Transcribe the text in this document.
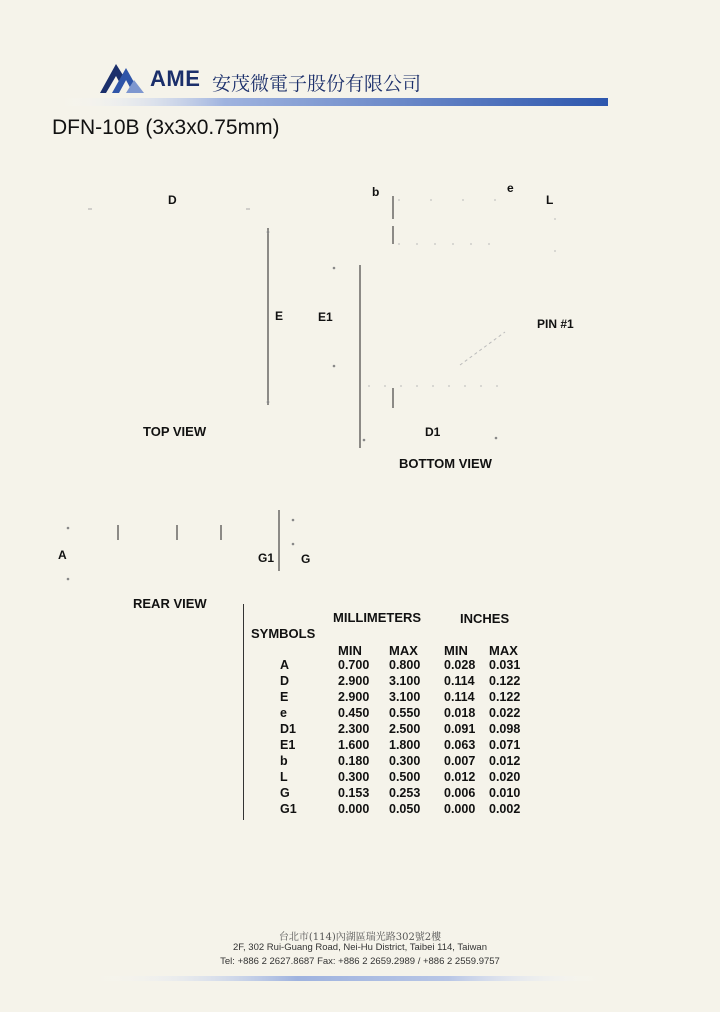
AME 安茂微電子股份有限公司
DFN-10B (3x3x0.75mm)
D
E
TOP VIEW
b	e
L
E1	PIN #1
D1
BOTTOM VIEW
A	G1 G
REAR VIEW
MILLIMETERS	INCHES
SYMBOLS
MIN MAX MIN MAX
A	0.700 0.800 0.028 0.031
D	2.900 3.100 0.114 0.122
E	2.900 3.100 0.114 0.122
e	0.450 0.550 0.018 0.022
D1	2.300 2.500 0.091 0.098
E1	1.600 1.800 0.063 0.071
b	0.180 0.300 0.007 0.012
L	0.300 0.500 0.012 0.020
G	0.153 0.253 0.006 0.010
G1	0.000 0.050 0.000 0.002
台北市(114)內湖區瑞光路302號2樓
2F, 302 Rui-Guang Road, Nei-Hu District, Taibei 114, Taiwan
Tel: +886 2 2627.8687 Fax: +886 2 2659.2989 / +886 2 2559.9757
